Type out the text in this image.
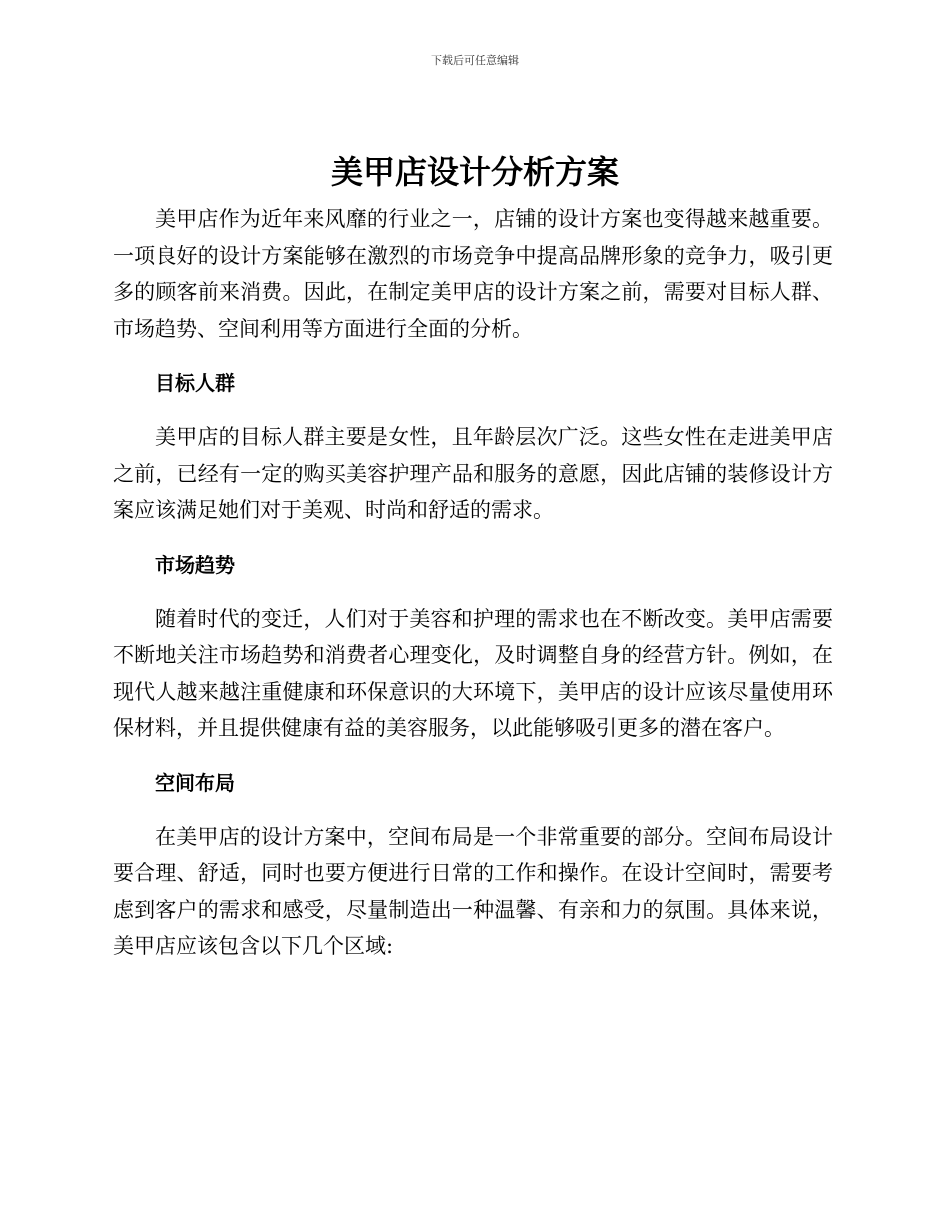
下载后可任意编辑
美甲店设计分析方案

美甲店作为近年来风靡的行业之一，店铺的设计方案也变得越来越重要。一项良好的设计方案能够在激烈的市场竞争中提高品牌形象的竞争力，吸引更多的顾客前来消费。因此，在制定美甲店的设计方案之前，需要对目标人群、市场趋势、空间利用等方面进行全面的分析。

目标人群

美甲店的目标人群主要是女性，且年龄层次广泛。这些女性在走进美甲店之前，已经有一定的购买美容护理产品和服务的意愿，因此店铺的装修设计方案应该满足她们对于美观、时尚和舒适的需求。

市场趋势

随着时代的变迁，人们对于美容和护理的需求也在不断改变。美甲店需要不断地关注市场趋势和消费者心理变化，及时调整自身的经营方针。例如，在现代人越来越注重健康和环保意识的大环境下，美甲店的设计应该尽量使用环保材料，并且提供健康有益的美容服务，以此能够吸引更多的潜在客户。

空间布局

在美甲店的设计方案中，空间布局是一个非常重要的部分。空间布局设计要合理、舒适，同时也要方便进行日常的工作和操作。在设计空间时，需要考虑到客户的需求和感受，尽量制造出一种温馨、有亲和力的氛围。具体来说，美甲店应该包含以下几个区域:
